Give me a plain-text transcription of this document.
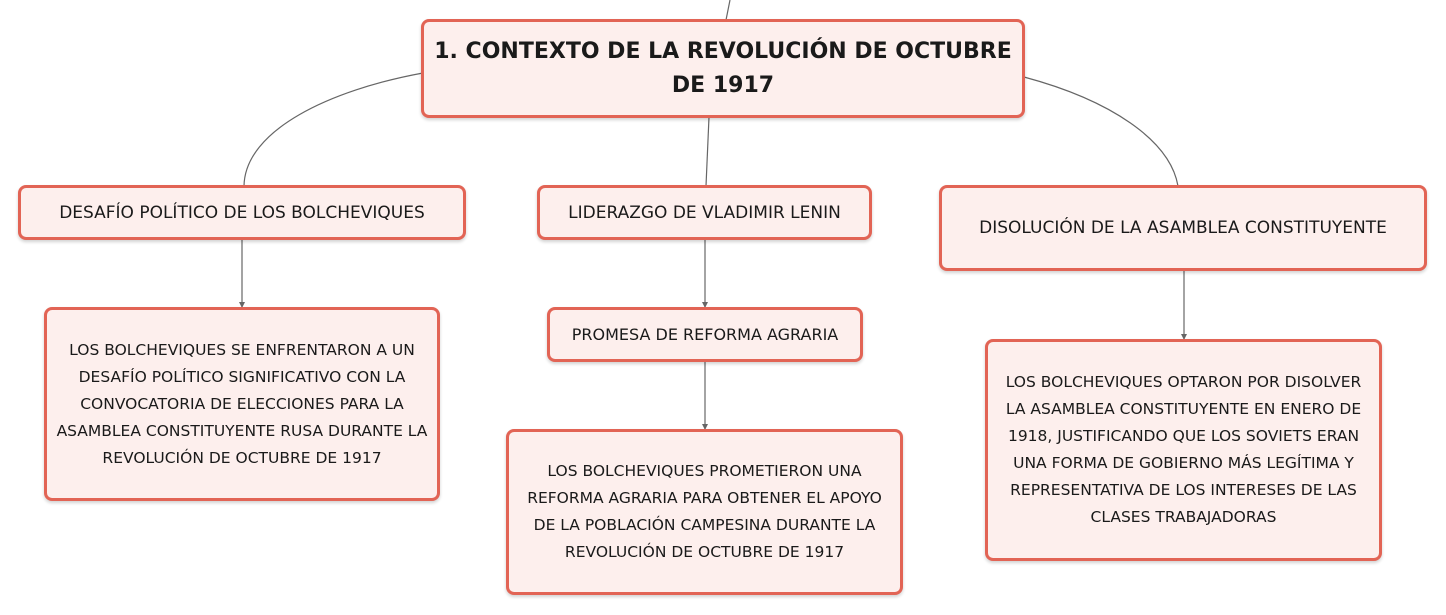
1. CONTEXTO DE LA REVOLUCIÓN DE OCTUBRE DE 1917
DESAFÍO POLÍTICO DE LOS BOLCHEVIQUES	LIDERAZGO DE VLADIMIR LENIN
DISOLUCIÓN DE LA ASAMBLEA CONSTITUYENTE
PROMESA DE REFORMA AGRARIA
LOS BOLCHEVIQUES SE ENFRENTARON A UN DESAFÍO POLÍTICO SIGNIFICATIVO CON LA CONVOCATORIA DE ELECCIONES PARA LA ASAMBLEA CONSTITUYENTE RUSA DURANTE LA REVOLUCIÓN DE OCTUBRE DE 1917
LOS BOLCHEVIQUES PROMETIERON UNA REFORMA AGRARIA PARA OBTENER EL APOYO DE LA POBLACIÓN CAMPESINA DURANTE LA REVOLUCIÓN DE OCTUBRE DE 1917
LOS BOLCHEVIQUES OPTARON POR DISOLVER LA ASAMBLEA CONSTITUYENTE EN ENERO DE 1918, JUSTIFICANDO QUE LOS SOVIETS ERAN UNA FORMA DE GOBIERNO MÁS LEGÍTIMA Y REPRESENTATIVA DE LOS INTERESES DE LAS CLASES TRABAJADORAS
